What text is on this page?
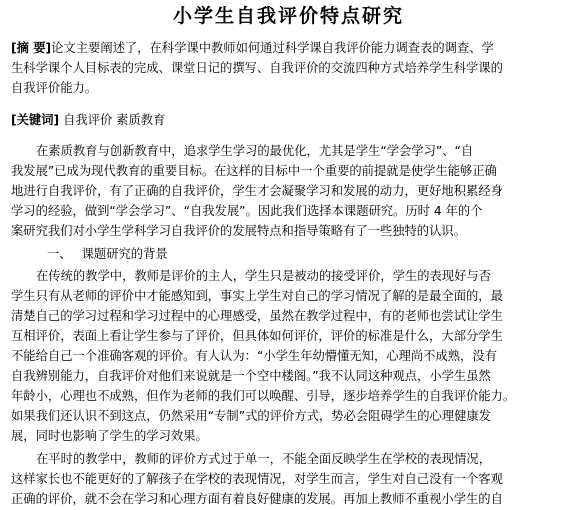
小学生自我评价特点研究
[摘 要]论文主要阐述了，在科学课中教师如何通过科学课自我评价能力调查表的调查、学
生科学课个人目标表的完成、课堂日记的撰写、自我评价的交流四种方式培养学生科学课的
自我评价能力。
[关键词] 自我评价 素质教育
在素质教育与创新教育中，追求学生学习的最优化，尤其是学生“学会学习”、“自
我发展”已成为现代教育的重要目标。在这样的目标中一个重要的前提就是使学生能够正确
地进行自我评价，有了正确的自我评价，学生才会凝聚学习和发展的动力，更好地积累经身
学习的经验，做到“学会学习”、“自我发展”。因此我们选择本课题研究。历时 4 年的个
案研究我们对小学生学科学习自我评价的发展特点和指导策略有了一些独特的认识。
一、 课题研究的背景
在传统的教学中，教师是评价的主人，学生只是被动的接受评价，学生的表现好与否
学生只有从老师的评价中才能感知到，事实上学生对自己的学习情况了解的是最全面的，最
清楚自己的学习过程和学习过程中的心理感受，虽然在教学过程中，有的老师也尝试让学生
互相评价，表面上看让学生参与了评价，但具体如何评价，评价的标准是什么，大部分学生
不能给自己一个准确客观的评价。有人认为：“小学生年幼懵懂无知，心理尚不成熟，没有
自我辨别能力，自我评价对他们来说就是一个空中楼阁。”我不认同这种观点，小学生虽然
年龄小，心理也不成熟，但作为老师的我们可以唤醒、引导，逐步培养学生的自我评价能力。
如果我们还认识不到这点，仍然采用“专制”式的评价方式，势必会阻碍学生的心理健康发
展，同时也影响了学生的学习效果。
在平时的教学中，教师的评价方式过于单一，不能全面反映学生在学校的表现情况，
这样家长也不能更好的了解孩子在学校的表现情况，对学生而言，学生对自己没有一个客观
正确的评价，就不会在学习和心理方面有着良好健康的发展。再加上教师不重视小学生的自
